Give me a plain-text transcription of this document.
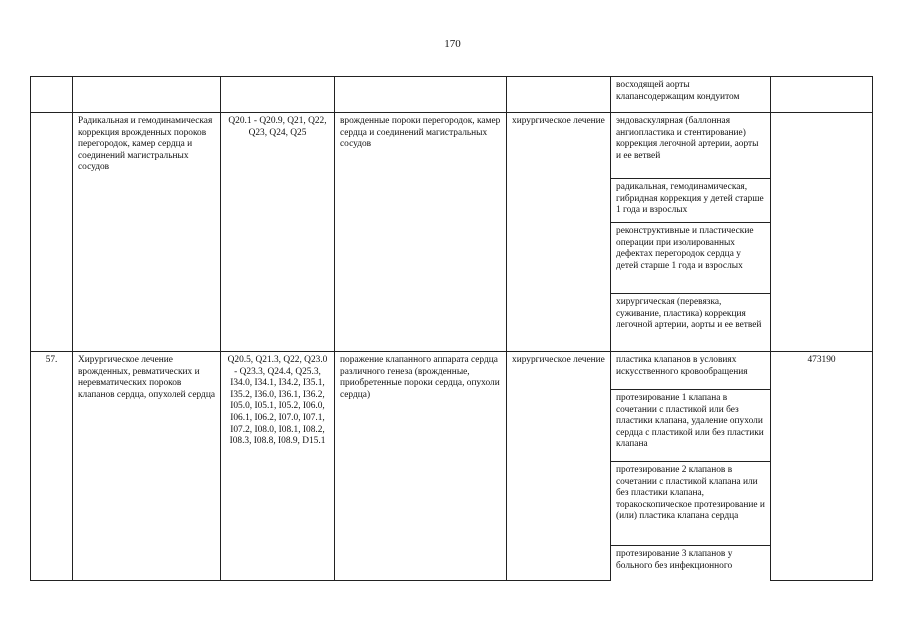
170
					восходящей аорты клапансодержащим кондуитом	
	Радикальная и гемодинамическая коррекция врожденных пороков перегородок, камер сердца и соединений магистральных сосудов	Q20.1 - Q20.9, Q21, Q22, Q23, Q24, Q25	врожденные пороки перегородок, камер сердца и соединений магистральных сосудов	хирургическое лечение	эндоваскулярная (баллонная ангиопластика и стентирование) коррекция легочной артерии, аорты и ее ветвей	
					радикальная, гемодинамическая, гибридная коррекция у детей старше 1 года и взрослых	
					реконструктивные и пластические операции при изолированных дефектах перегородок сердца у детей старше 1 года и взрослых	
					хирургическая (перевязка, суживание, пластика) коррекция легочной артерии, аорты и ее ветвей	
57.	Хирургическое лечение врожденных, ревматических и неревматических пороков клапанов сердца, опухолей сердца	Q20.5, Q21.3, Q22, Q23.0 - Q23.3, Q24.4, Q25.3, I34.0, I34.1, I34.2, I35.1, I35.2, I36.0, I36.1, I36.2, I05.0, I05.1, I05.2, I06.0, I06.1, I06.2, I07.0, I07.1, I07.2, I08.0, I08.1, I08.2, I08.3, I08.8, I08.9, D15.1	поражение клапанного аппарата сердца различного генеза (врожденные, приобретенные пороки сердца, опухоли сердца)	хирургическое лечение	пластика клапанов в условиях искусственного кровообращения	473190
					протезирование 1 клапана в сочетании с пластикой или без пластики клапана, удаление опухоли сердца с пластикой или без пластики клапана	
					протезирование 2 клапанов в сочетании с пластикой клапана или без пластики клапана, торакоскопическое протезирование и (или) пластика клапана сердца	
					протезирование 3 клапанов у больного без инфекционного	
